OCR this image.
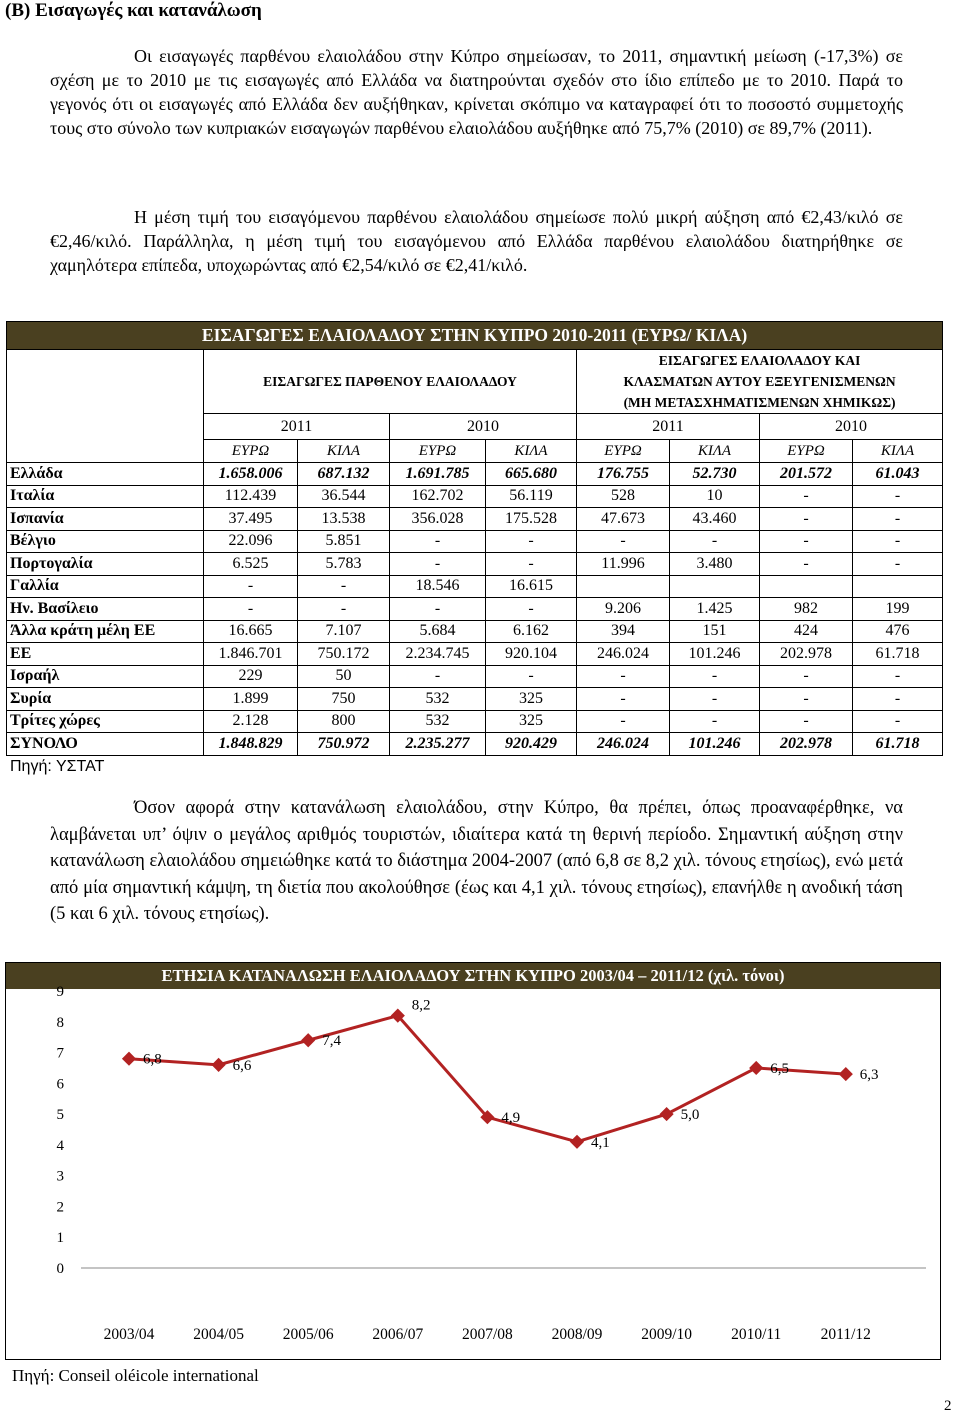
(Β) Εισαγωγές και κατανάλωση

Οι εισαγωγές παρθένου ελαιολάδου στην Κύπρο σημείωσαν, το 2011, σημαντική μείωση (-17,3%) σε σχέση με το 2010 με τις εισαγωγές από Ελλάδα να διατηρούνται σχεδόν στο ίδιο επίπεδο με το 2010. Παρά το γεγονός ότι οι εισαγωγές από Ελλάδα δεν αυξήθηκαν, κρίνεται σκόπιμο να καταγραφεί ότι το ποσοστό συμμετοχής τους στο σύνολο των κυπριακών εισαγωγών παρθένου ελαιολάδου αυξήθηκε από 75,7% (2010) σε 89,7% (2011).

Η μέση τιμή του εισαγόμενου παρθένου ελαιολάδου σημείωσε πολύ μικρή αύξηση από €2,43/κιλό σε €2,46/κιλό. Παράλληλα, η μέση τιμή του εισαγόμενου από Ελλάδα παρθένου ελαιολάδου διατηρήθηκε σε χαμηλότερα επίπεδα, υποχωρώντας από €2,54/κιλό σε €2,41/κιλό.

ΕΙΣΑΓΩΓΕΣ ΕΛΑΙΟΛΑΔΟΥ ΣΤΗΝ ΚΥΠΡΟ 2010-2011 (ΕΥΡΩ/ ΚΙΛΑ)								
	ΕΙΣΑΓΩΓΕΣ ΠΑΡΘΕΝΟΥ ΕΛΑΙΟΛΑΔΟΥ				ΕΙΣΑΓΩΓΕΣ ΕΛΑΙΟΛΑΔΟΥ ΚΑΙ
ΚΛΑΣΜΑΤΩΝ ΑΥΤΟΥ ΕΞΕΥΓΕΝΙΣΜΕΝΩΝ
(ΜΗ ΜΕΤΑΣΧΗΜΑΤΙΣΜΕΝΩΝ ΧΗΜΙΚΩΣ)			
	2011		2010		2011		2010	
	ΕΥΡΩ	ΚΙΛΑ	ΕΥΡΩ	ΚΙΛΑ	ΕΥΡΩ	ΚΙΛΑ	ΕΥΡΩ	ΚΙΛΑ
Ελλάδα	1.658.006	687.132	1.691.785	665.680	176.755	52.730	201.572	61.043
Ιταλία	112.439	36.544	162.702	56.119	528	10	-	-
Ισπανία	37.495	13.538	356.028	175.528	47.673	43.460	-	-
Βέλγιο	22.096	5.851	-	-	-	-	-	-
Πορτογαλία	6.525	5.783	-	-	11.996	3.480	-	-
Γαλλία	-	-	18.546	16.615				
Ην. Βασίλειο	-	-	-	-	9.206	1.425	982	199
Άλλα κράτη μέλη ΕΕ	16.665	7.107	5.684	6.162	394	151	424	476
ΕΕ	1.846.701	750.172	2.234.745	920.104	246.024	101.246	202.978	61.718
Ισραήλ	229	50	-	-	-	-	-	-
Συρία	1.899	750	532	325	-	-	-	-
Τρίτες χώρες	2.128	800	532	325	-	-	-	-
ΣΥΝΟΛΟ	1.848.829	750.972	2.235.277	920.429	246.024	101.246	202.978	61.718
Πηγή: ΥΣΤΑΤ

Όσον αφορά στην κατανάλωση ελαιολάδου, στην Κύπρο, θα πρέπει, όπως προαναφέρθηκε, να λαμβάνεται υπ’ όψιν ο μεγάλος αριθμός τουριστών, ιδιαίτερα κατά τη θερινή περίοδο. Σημαντική αύξηση στην κατανάλωση ελαιολάδου σημειώθηκε κατά το διάστημα 2004-2007 (από 6,8 σε 8,2 χιλ. τόνους ετησίως), ενώ μετά από μία σημαντική κάμψη, τη διετία που ακολούθησε (έως και 4,1 χιλ. τόνους ετησίως), επανήλθε η ανοδική τάση (5 και 6 χιλ. τόνους ετησίως).

ΕΤΗΣΙΑ ΚΑΤΑΝΑΛΩΣΗ ΕΛΑΙΟΛΑΔΟΥ ΣΤΗΝ ΚΥΠΡΟ 2003/04 – 2011/12 (χιλ. τόνοι)
0
1
2
3
4
5
6
7
8
9
2003/04	2004/05	2005/06	2006/07	2007/08	2008/09	2009/10	2010/11	2011/12
6,8	6,6
7,4
8,2
4,9
4,1
5,0
6,5	6,3
Πηγή: Conseil oléicole international
2
